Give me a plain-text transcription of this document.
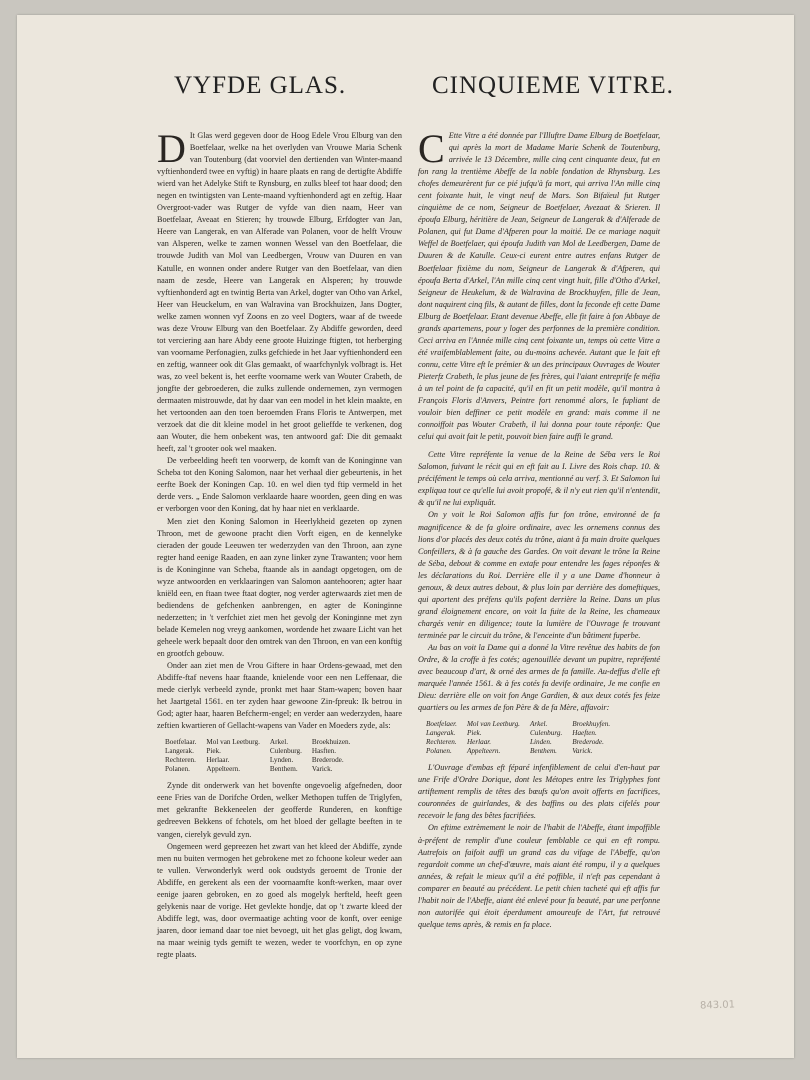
VYFDE GLAS.	CINQUIEME VITRE.
D It Glas werd gegeven door de Hoog Edele Vrou Elburg van den Boetfelaar, welke na het overlyden van Vrouwe Maria Schenk van Toutenburg (dat voorviel den dertienden van Winter-maand vyftienhonderd twee en vyftig) in haare plaats en rang de dertigfte Abdiffe wierd van het Adelyke Stift te Rynsburg, en zulks bleef tot haar dood; den negen en twintigsten van Lente-maand vyftienhonderd agt en zeftig. Haar Overgroot-vader was Rutger de vyfde van dien naam, Heer van Boetfelaar, Aveaat en Stieren; hy trouwde Elburg, Erfdogter van Jan, Heere van Langerak, en van Alferade van Polanen, voor de helft Vrouw van Alsperen, welke te zamen wonnen Wessel van den Boetfelaar, die trouwde Judith van Mol van Leedbergen, Vrouw van Duuren en van Katulle, en wonnen onder andere Rutger van den Boetfelaar, van dien naam de zesde, Heere van Langerak en Alsperen; hy trouwde vyftienhonderd agt en twintig Berta van Arkel, dogter van Otho van Arkel, Heer van Heuckelum, en van Walravina van Brockhuizen, Jans Dogter, welke zamen wonnen vyf Zoons en zo veel Dogters, waar af de tweede was deze Vrouw Elburg van den Boetfelaar. Zy Abdiffe geworden, deed tot verciering aan hare Abdy eene groote Huizinge ftigten, tot herberging van voorname Perfonagien, zulks gefchiede in het Jaar vyftienhonderd een en zeftig, wanneer ook dit Glas gemaakt, of waarfchynlyk volbragt is. Het was, zo veel bekent is, het eerfte voorname werk van Wouter Crabeth, de jongfte der gebroederen, die zulks zullende ondernemen, zyn vermogen dermaaten mistrouwde, dat hy daar van een model in het klein maakte, en het vertoonden aan den toen beroemden Frans Floris te Antwerpen, met verzoek dat die dit kleine model in het groot gelieffde te verkenen, dog aan Wouter, die hem onbekent was, ten antwoord gaf: Die dit gemaakt heeft, zal 't grooter ook wel maaken.

De verbeelding heeft ten voorwerp, de komft van de Koninginne van Scheba tot den Koning Salomon, naar het verhaal dier gebeurtenis, in het eerfte Boek der Koningen Cap. 10. en wel dien tyd ftip vermeld in het derde vers. „ Ende Salomon verklaarde haare woorden, geen ding en was er verborgen voor den Koning, dat hy haar niet en verklaarde.

Men ziet den Koning Salomon in Heerlykheid gezeten op zynen Throon, met de gewoone pracht dien Vorft eigen, en de kennelyke cieraden der goude Leeuwen ter wederzyden van den Throon, aan zyne regter hand eenige Raaden, en aan zyne linker zyne Trawanten; voor hem is de Koninginne van Scheba, ftaande als in aandagt opgetogen, om de wyze antwoorden en verklaaringen van Salomon aantehooren; agter haar kniëld een, en ftaan twee ftaat dogter, nog verder agterwaards ziet men de bediendens de gefchenken aanbrengen, en agter de Koninginne nederzetten; in 't verfchiet ziet men het gevolg der Koninginne met zyn belade Kemelen nog vreyg aankomen, wordende het zwaare Licht van het geheele werk bepaalt door den omtrek van den Throon, en van een konftig en grootfch gebouw.

Onder aan ziet men de Vrou Giftere in haar Ordens-gewaad, met den Abdiffe-ftaf nevens haar ftaande, knielende voor een nen Leffenaar, die mede cierlyk verbeeld zynde, pronkt met haar Stam-wapen; boven haar het Jaartgetal 1561. en ter zyden haar gewoone Zin-fpreuk: Ik betrou in God; agter haar, haaren Befcherm-engel; en verder aan wederzyden, haare zeftien kwartieren of Gellacht-wapens van Vader en Moeders zyde, als:

Boetfelaar.	Mol van Leetburg.	Arkel.	Broekhuizen.
Langerak.	Piek.	Culenburg.	Hasften.
Rechteren.	Herlaar.	Lynden.	Brederode.
Polanen.	Appelteern.	Benthem.	Varick.

Zynde dit onderwerk van het bovenfte ongevoelig afgefneden, door eene Fries van de Dorifche Orden, welker Methopen tuffen de Triglyfen, met gekranfte Bekkeneelen der geofferde Runderen, en konftige gedreeven Bekkens of fchotels, om het bloed der gellagte beeften in te vangen, cierelyk gevuld zyn.

Ongemeen werd gepreezen het zwart van het kleed der Abdiffe, zynde men nu buiten vermogen het gebrokene met zo fchoone koleur weder aan te vullen. Verwonderlyk werd ook oudstyds geroemt de Tronie der Abdiffe, en gerekent als een der voornaamfte konft-werken, maar over eenige jaaren gebroken, en zo goed als mogelyk herfteld, heeft geen gelykenis naar de vorige. Het gevlekte hondje, dat op 't zwarte kleed der Abdiffe legt, was, door overmaatige achting voor de konft, over eenige jaaren, door iemand daar toe niet bevoegt, uit het glas geligt, dog kwam, na maar weinig tyds gemift te wezen, weder te voorfchyn, en op zyne regte plaats.

C Ette Vitre a été donnée par l'Illuftre Dame Elburg de Boetfelaar, qui après la mort de Madame Marie Schenk de Toutenburg, arrivée le 13 Décembre, mille cinq cent cinquante deux, fut en fon rang la trentième Abeffe de la noble fondation de Rhynsburg. Les chofes demeurèrent fur ce pié jufqu'à fa mort, qui arriva l'An mille cinq cent foixante huit, le vingt neuf de Mars. Son Bifaïeul fut Rutger cinquième de ce nom, Seigneur de Boetfelaer, Avezaat & Srieren. Il époufa Elburg, héritière de Jean, Seigneur de Langerak & d'Alferade de Polanen, qui fut Dame d'Afperen pour la moitié. De ce mariage naquit Weffel de Boetfelaer, qui époufa Judith van Mol de Leedbergen, Dame de Duuren & de Katulle. Ceux-ci eurent entre autres enfans Rutger de Boetfelaar fixième du nom, Seigneur de Langerak & d'Afperen, qui époufa Berta d'Arkel, l'An mille cinq cent vingt huit, fille d'Otho d'Arkel, Seigneur de Heukelum, & de Walravina de Brockhuyfen, fille de Jean, dont naquirent cinq fils, & autant de filles, dont la feconde eft cette Dame Elburg de Boetfelaar. Etant devenue Abeffe, elle fit faire à fon Abbaye de grands apartemens, pour y loger des perfonnes de la première condition. Ceci arriva en l'Année mille cinq cent foixante un, temps où cette Vitre a été vraifemblablement faite, ou du-moins achevée. Autant que le fait eft connu, cette Vitre eft le prémier & un des principaux Ouvrages de Wouter Pieterfz Crabeth, le plus jeune de fes frères, qui l'aiant entreprife fe méfia à un tel point de fa capacité, qu'il en fit un petit modèle, qu'il montra à François Floris d'Anvers, Peintre fort renommé alors, le fupliant de vouloir bien deffiner ce petit modèle en grand: mais comme il ne connoiffoit pas Wouter Crabeth, il lui donna pour toute réponfe: Que celui qui avoit fait le petit, pouvoit bien faire auffi le grand.

Cette Vitre repréfente la venue de la Reine de Séba vers le Roi Salomon, fuivant le récit qui en eft fait au I. Livre des Rois chap. 10. & précifément le temps où cela arriva, mentionné au verf. 3. Et Salomon lui expliqua tout ce qu'elle lui avoit propofé, & il n'y eut rien qu'il n'entendit, & qu'il ne lui expliquât.

On y voit le Roi Salomon affis fur fon trône, environné de fa magnificence & de fa gloire ordinaire, avec les ornemens connus des lions d'or placés des deux cotés du trône, aiant à fa main droite quelques Confeillers, & à fa gauche des Gardes. On voit devant le trône la Reine de Séba, debout & comme en extafe pour entendre les fages réponfes & les déclarations du Roi. Derrière elle il y a une Dame d'honneur à genoux, & deux autres debout, & plus loin par derrière des domeftiques, qui aportent des préfens qu'ils pofent derrière la Reine. Dans un plus grand éloignement encore, on voit la fuite de la Reine, les chameaux chargés venir en diligence; toute la lumière de l'Ouvrage fe trouvant terminée par le circuit du trône, & l'enceinte d'un bâtiment fuperbe.

Au bas on voit la Dame qui a donné la Vitre revêtue des habits de fon Ordre, & la croffe à fes cotés; agenouillée devant un pupitre, repréfenté avec beaucoup d'art, & orné des armes de fa famille. Au-deffus d'elle eft marquée l'année 1561. & à fes cotés fa devife ordinaire, Je me confie en Dieu: derrière elle on voit fon Ange Gardien, & aux deux cotés fes feize quartiers ou les armes de fon Père & de fa Mère, affavoir:

Boetfelaer.	Mol van Leetburg.	Arkel.	Broekhuyfen.
Langerak.	Piek.	Culenburg.	Haeften.
Rechteren.	Herlaar.	Linden.	Brederode.
Polanen.	Appelteern.	Benthem.	Varick.

L'Ouvrage d'embas eft féparé infenfiblement de celui d'en-haut par une Frife d'Ordre Dorique, dont les Métopes entre les Triglyphes font artiftement remplis de têtes des bœufs qu'on avoit offerts en facrifices, couronnées de guirlandes, & des baffins ou des plats cifelés pour recevoir le fang des bêtes facrifiées.

On eftime extrèmement le noir de l'habit de l'Abeffe, étant impoffible à-préfent de remplir d'une couleur femblable ce qui en eft rompu. Autrefois on faifoit auffi un grand cas du vifage de l'Abeffe, qu'on regardoit comme un chef-d'œuvre, mais aiant été rompu, il y a quelques années, & refait le mieux qu'il a été poffible, il n'eft pas cependant à comparer en beauté au précédent. Le petit chien tacheté qui eft affis fur l'habit noir de l'Abeffe, aiant été enlevé pour fa beauté, par une perfonne non autorifée qui étoit éperdument amoureufe de l'Art, fut retrouvé quelque tems après, & remis en fa place.

843.01
